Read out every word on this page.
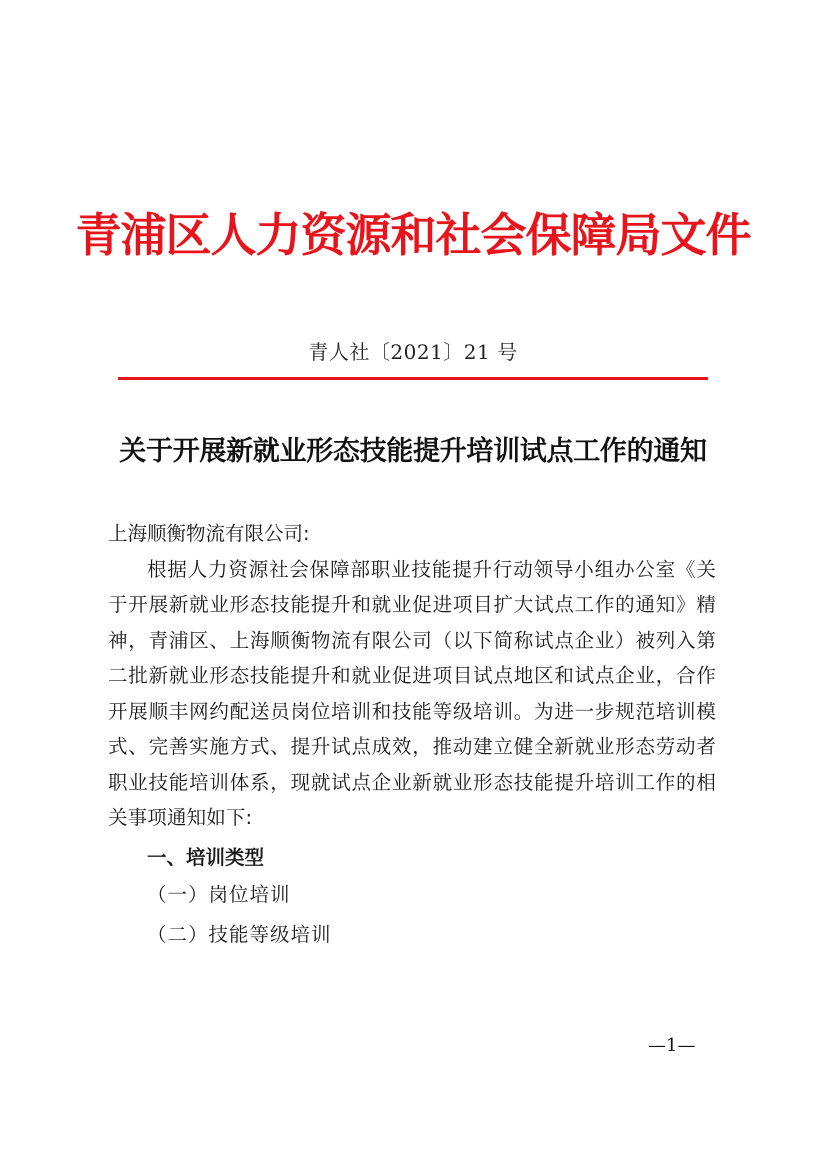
青浦区人力资源和社会保障局文件
青人社〔2021〕21 号
关于开展新就业形态技能提升培训试点工作的通知

上海顺衡物流有限公司:

根据人力资源社会保障部职业技能提升行动领导小组办公室《关于开展新就业形态技能提升和就业促进项目扩大试点工作的通知》精神，青浦区、上海顺衡物流有限公司（以下简称试点企业）被列入第二批新就业形态技能提升和就业促进项目试点地区和试点企业，合作开展顺丰网约配送员岗位培训和技能等级培训。为进一步规范培训模式、完善实施方式、提升试点成效，推动建立健全新就业形态劳动者职业技能培训体系，现就试点企业新就业形态技能提升培训工作的相关事项通知如下:

一、培训类型

（一）岗位培训

（二）技能等级培训

—1—
